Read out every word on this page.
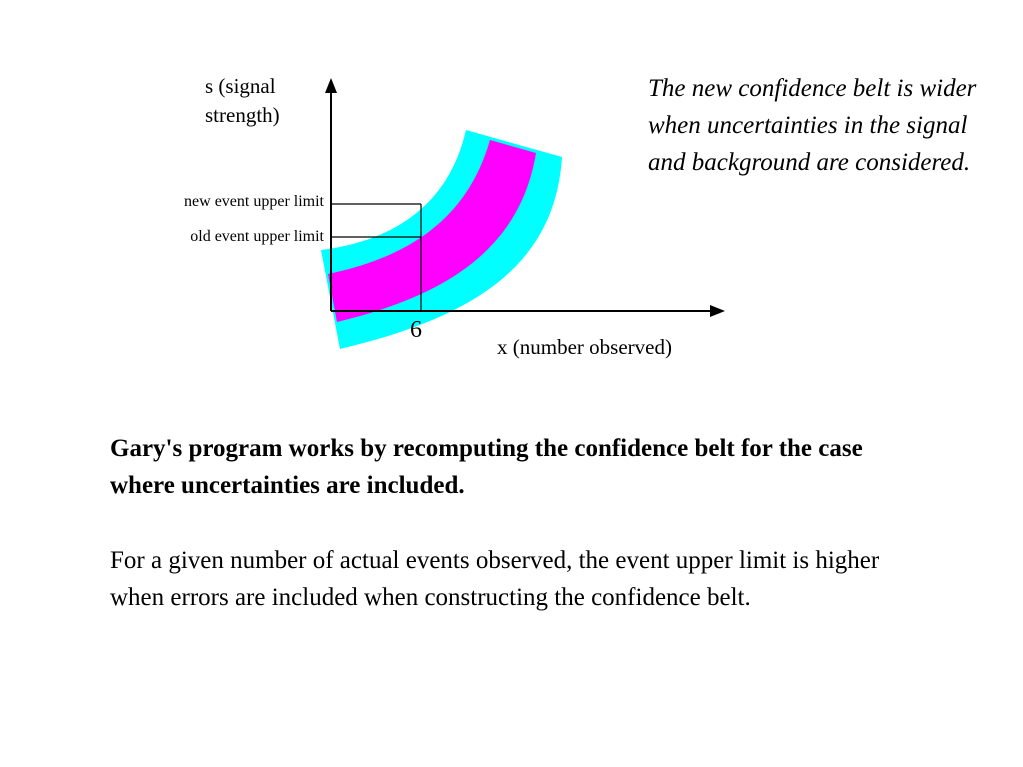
s (signal strength)
new event upper limit
old event upper limit
6
x (number observed)
The new confidence belt is wider when uncertainties in the signal and background are considered.
Gary's program works by recomputing the confidence belt for the case where uncertainties are included.
For a given number of actual events observed, the event upper limit is higher when errors are included when constructing the confidence belt.
